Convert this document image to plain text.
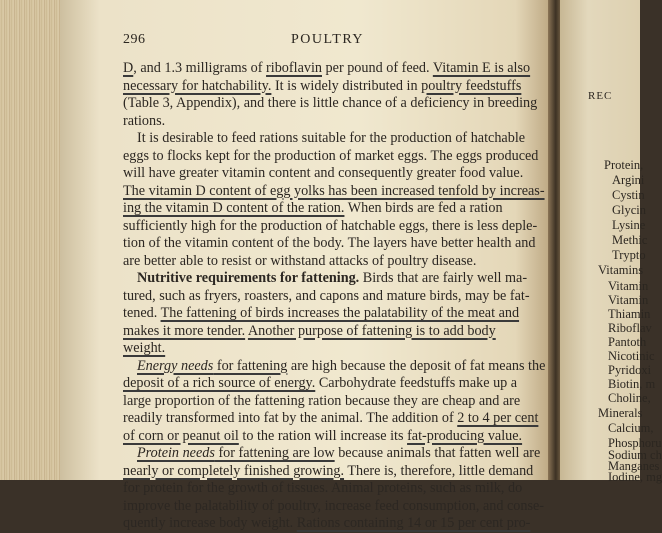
REC
Protein,
Argini
Cystin
Glycin
Lysine
Methic
Trypto
Vitamins
Vitamin
Vitamin
Thiamin
Riboflav
Pantoth
Nicotinic
Pyridoxi
Biotin, m
Choline,
Minerals
Calcium,
Phosphoru
Sodium ch
Manganes
Iodine, mg
296	POULTRY
D, and 1.3 milligrams of riboflavin per pound of feed. Vitamin E is also
necessary for hatchability. It is widely distributed in poultry feedstuffs
(Table 3, Appendix), and there is little chance of a deficiency in breeding
rations.
It is desirable to feed rations suitable for the production of hatchable
eggs to flocks kept for the production of market eggs. The eggs produced
will have greater vitamin content and consequently greater food value.
The vitamin D content of egg yolks has been increased tenfold by increas-
ing the vitamin D content of the ration. When birds are fed a ration
sufficiently high for the production of hatchable eggs, there is less deple-
tion of the vitamin content of the body. The layers have better health and
are better able to resist or withstand attacks of poultry disease.
Nutritive requirements for fattening. Birds that are fairly well ma-
tured, such as fryers, roasters, and capons and mature birds, may be fat-
tened. The fattening of birds increases the palatability of the meat and
makes it more tender. Another purpose of fattening is to add body
weight.
Energy needs for fattening are high because the deposit of fat means the
deposit of a rich source of energy. Carbohydrate feedstuffs make up a
large proportion of the fattening ration because they are cheap and are
readily transformed into fat by the animal. The addition of 2 to 4 per cent
of corn or peanut oil to the ration will increase its fat-producing value.
Protein needs for fattening are low because animals that fatten well are
nearly or completely finished growing. There is, therefore, little demand
for protein for the growth of tissues. Animal proteins, such as milk, do
improve the palatability of poultry, increase feed consumption, and conse-
quently increase body weight. Rations containing 14 or 15 per cent pro-
